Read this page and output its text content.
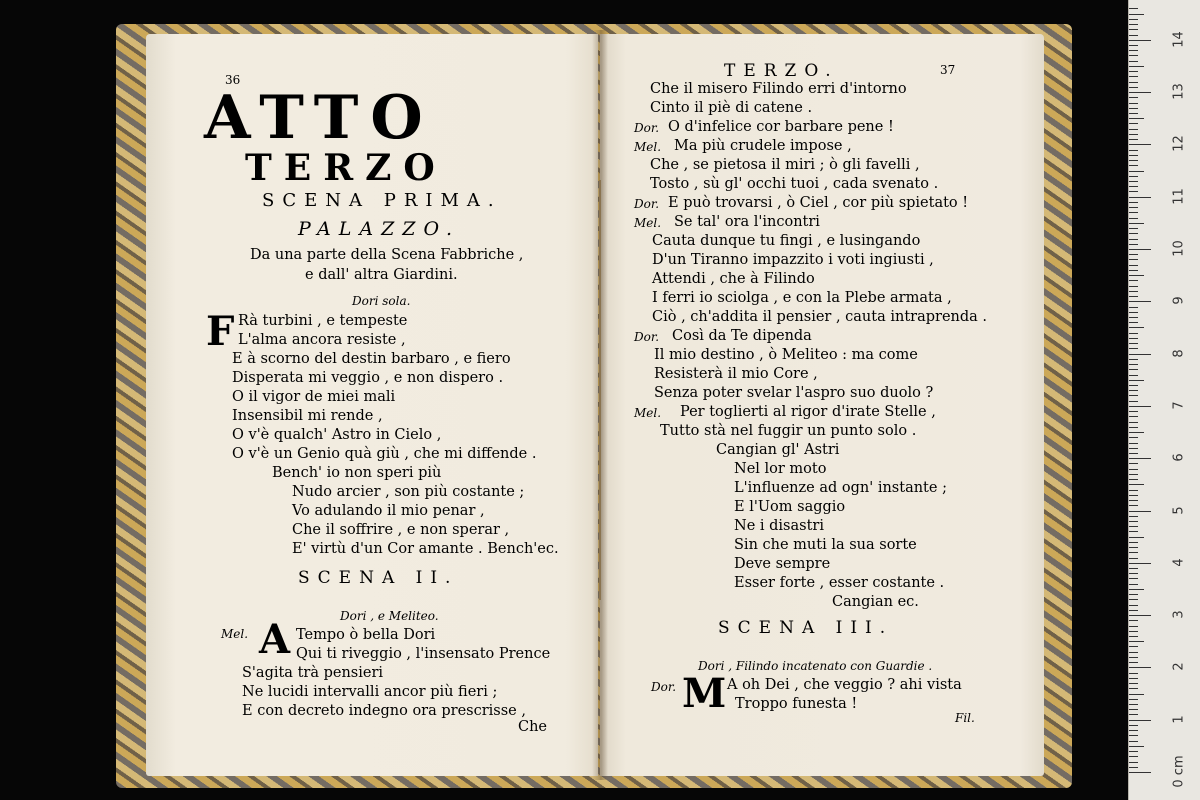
36
ATTO
TERZO
SCENA PRIMA.
PALAZZO.
Da una parte della Scena Fabbriche ,
e dall' altra Giardini.
Dori sola.
F Rà turbini , e tempeste
L'alma ancora resiste ,
E à scorno del destin barbaro , e fiero
Disperata mi veggio , e non dispero .
O il vigor de miei mali
Insensibil mi rende ,
O v'è qualch' Astro in Cielo ,
O v'è un Genio quà giù , che mi diffende .
Bench' io non speri più
Nudo arcier , son più costante ;
Vo adulando il mio penar ,
Che il soffrire , e non sperar ,
E' virtù d'un Cor amante . Bench'ec.
SCENA II.
Dori , e Meliteo.
Mel. A Tempo ò bella Dori
Qui ti riveggio , l'insensato Prence
S'agita trà pensieri
Ne lucidi intervalli ancor più fieri ;
E con decreto indegno ora prescrisse ,
Che
TERZO.	37
Che il misero Filindo erri d'intorno
Cinto il piè di catene .
Dor. O d'infelice cor barbare pene !
Mel. Ma più crudele impose ,
Che , se pietosa il miri ; ò gli favelli ,
Tosto , sù gl' occhi tuoi , cada svenato .
Dor. E può trovarsi , ò Ciel , cor più spietato !
Mel. Se tal' ora l'incontri
Cauta dunque tu fingi , e lusingando
D'un Tiranno impazzito i voti ingiusti ,
Attendi , che à Filindo
I ferri io sciolga , e con la Plebe armata ,
Ciò , ch'addita il pensier , cauta intraprenda .
Dor. Così da Te dipenda
Il mio destino , ò Meliteo : ma come
Resisterà il mio Core ,
Senza poter svelar l'aspro suo duolo ?
Mel. Per toglierti al rigor d'irate Stelle ,
Tutto stà nel fuggir un punto solo .
Cangian gl' Astri
Nel lor moto
L'influenze ad ogn' instante ;
E l'Uom saggio
Ne i disastri
Sin che muti la sua sorte
Deve sempre
Esser forte , esser costante .
Cangian ec.
SCENA III.
Dori , Filindo incatenato con Guardie .
Dor. M A oh Dei , che veggio ? ahi vista
Troppo funesta !
Fil.
0 cm
1
2
3
4
5
6
7
8
9
10
11
12
13
14
